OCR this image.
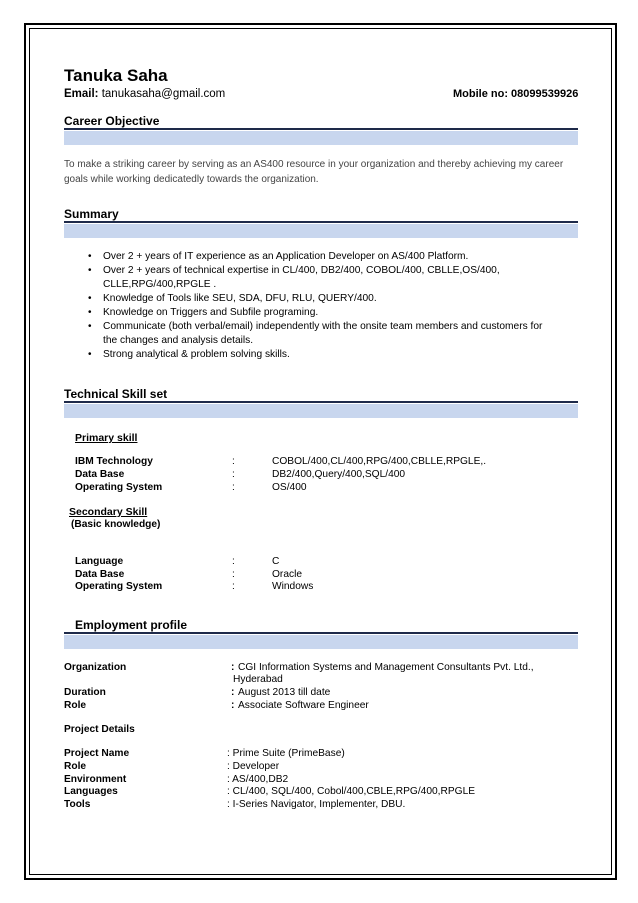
Tanuka Saha
Email: tanukasaha@gmail.com	Mobile no: 08099539926
Career Objective
To make a striking career by serving as an AS400 resource in your organization and thereby achieving my career goals while working dedicatedly towards the organization.
Summary
• Over 2 + years of IT experience as an Application Developer on AS/400 Platform.
• Over 2 + years of technical expertise in CL/400, DB2/400, COBOL/400, CBLLE,OS/400, CLLE,RPG/400,RPGLE .
• Knowledge of Tools like SEU, SDA, DFU, RLU, QUERY/400.
• Knowledge on Triggers and Subfile programing.
• Communicate (both verbal/email) independently with the onsite team members and customers for the changes and analysis details.
• Strong analytical & problem solving skills.
Technical Skill set
Primary skill
IBM Technology	:	COBOL/400,CL/400,RPG/400,CBLLE,RPGLE,.
Data Base	:	DB2/400,Query/400,SQL/400
Operating System	:	OS/400
Secondary Skill
(Basic knowledge)
Language	:	C
Data Base	:	Oracle
Operating System	:	Windows
Employment profile
Organization	: CGI Information Systems and Management Consultants Pvt. Ltd.,
Hyderabad
Duration	: August 2013 till date
Role	: Associate Software Engineer
Project Details
Project Name	: Prime Suite (PrimeBase)
Role	: Developer
Environment	: AS/400,DB2
Languages	: CL/400, SQL/400, Cobol/400,CBLE,RPG/400,RPGLE
Tools	: I-Series Navigator, Implementer, DBU.
